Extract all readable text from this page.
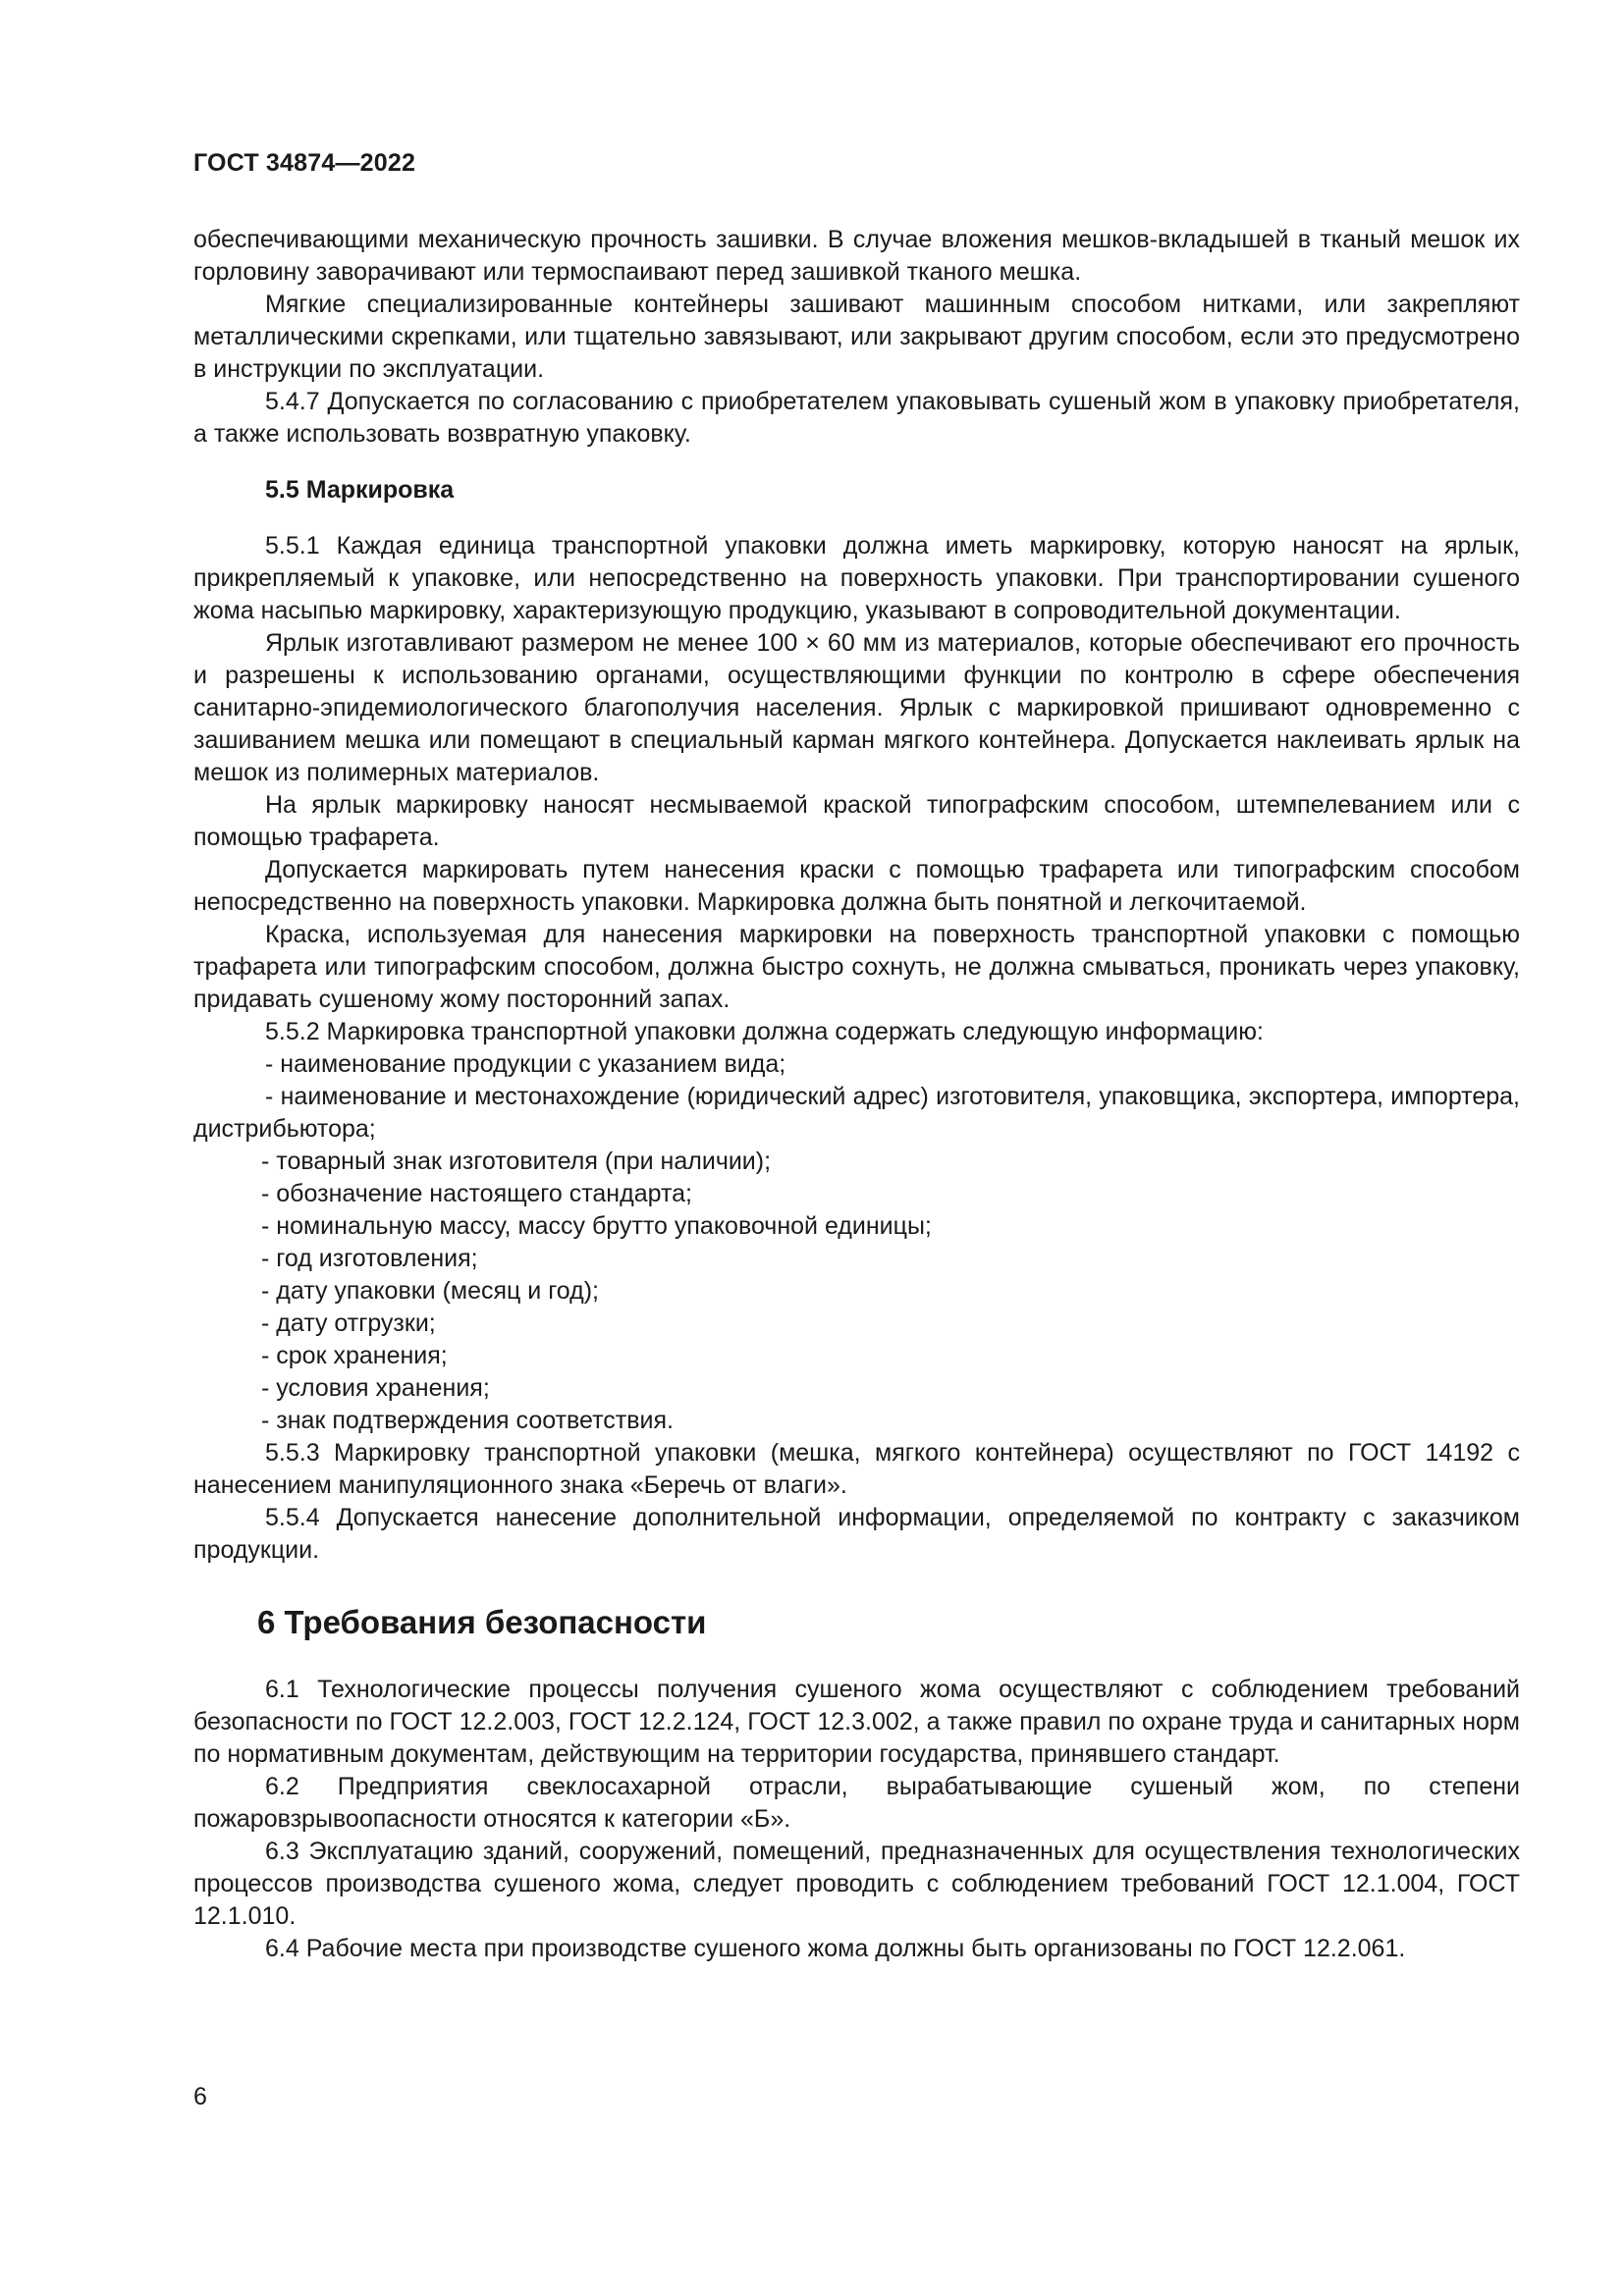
ГОСТ 34874—2022

обеспечивающими механическую прочность зашивки. В случае вложения мешков-вкладышей в тканый мешок их горловину заворачивают или термоспаивают перед зашивкой тканого мешка.

Мягкие специализированные контейнеры зашивают машинным способом нитками, или закрепляют металлическими скрепками, или тщательно завязывают, или закрывают другим способом, если это предусмотрено в инструкции по эксплуатации.

5.4.7 Допускается по согласованию с приобретателем упаковывать сушеный жом в упаковку приобретателя, а также использовать возвратную упаковку.

5.5 Маркировка

5.5.1 Каждая единица транспортной упаковки должна иметь маркировку, которую наносят на ярлык, прикрепляемый к упаковке, или непосредственно на поверхность упаковки. При транспортировании сушеного жома насыпью маркировку, характеризующую продукцию, указывают в сопроводительной документации.

Ярлык изготавливают размером не менее 100 × 60 мм из материалов, которые обеспечивают его прочность и разрешены к использованию органами, осуществляющими функции по контролю в сфере обеспечения санитарно-эпидемиологического благополучия населения. Ярлык с маркировкой пришивают одновременно с зашиванием мешка или помещают в специальный карман мягкого контейнера. Допускается наклеивать ярлык на мешок из полимерных материалов.

На ярлык маркировку наносят несмываемой краской типографским способом, штемпелеванием или с помощью трафарета.

Допускается маркировать путем нанесения краски с помощью трафарета или типографским способом непосредственно на поверхность упаковки. Маркировка должна быть понятной и легкочитаемой.

Краска, используемая для нанесения маркировки на поверхность транспортной упаковки с помощью трафарета или типографским способом, должна быстро сохнуть, не должна смываться, проникать через упаковку, придавать сушеному жому посторонний запах.

5.5.2 Маркировка транспортной упаковки должна содержать следующую информацию:

- наименование продукции с указанием вида;

- наименование и местонахождение (юридический адрес) изготовителя, упаковщика, экспортера, импортера, дистрибьютора;

- товарный знак изготовителя (при наличии);

- обозначение настоящего стандарта;

- номинальную массу, массу брутто упаковочной единицы;

- год изготовления;

- дату упаковки (месяц и год);

- дату отгрузки;

- срок хранения;

- условия хранения;

- знак подтверждения соответствия.

5.5.3 Маркировку транспортной упаковки (мешка, мягкого контейнера) осуществляют по ГОСТ 14192 с нанесением манипуляционного знака «Беречь от влаги».

5.5.4 Допускается нанесение дополнительной информации, определяемой по контракту с заказчиком продукции.

6 Требования безопасности

6.1 Технологические процессы получения сушеного жома осуществляют с соблюдением требований безопасности по ГОСТ 12.2.003, ГОСТ 12.2.124, ГОСТ 12.3.002, а также правил по охране труда и санитарных норм по нормативным документам, действующим на территории государства, принявшего стандарт.

6.2 Предприятия свеклосахарной отрасли, вырабатывающие сушеный жом, по степени пожаровзрывоопасности относятся к категории «Б».

6.3 Эксплуатацию зданий, сооружений, помещений, предназначенных для осуществления технологических процессов производства сушеного жома, следует проводить с соблюдением требований ГОСТ 12.1.004, ГОСТ 12.1.010.

6.4 Рабочие места при производстве сушеного жома должны быть организованы по ГОСТ 12.2.061.

6
